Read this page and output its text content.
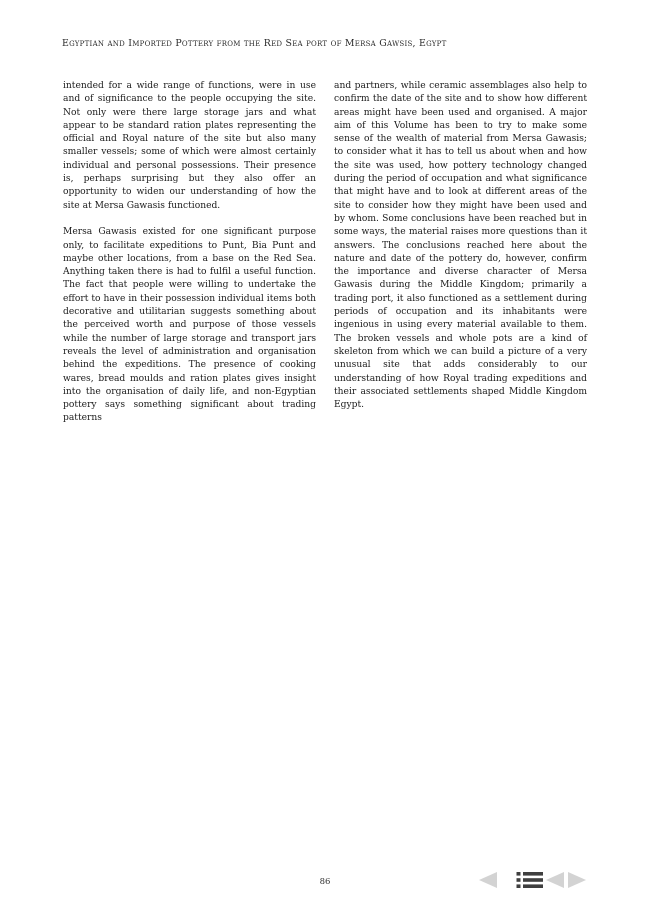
Egyptian and Imported Pottery from the Red Sea port of Mersa Gawsis, Egypt

intended for a wide range of functions, were in use and of significance to the people occupying the site. Not only were there large storage jars and what appear to be standard ration plates representing the official and Royal nature of the site but also many smaller vessels; some of which were almost certainly individual and personal possessions. Their presence is, perhaps surprising but they also offer an opportunity to widen our understanding of how the site at Mersa Gawasis functioned.

Mersa Gawasis existed for one significant purpose only, to facilitate expeditions to Punt, Bia Punt and maybe other locations, from a base on the Red Sea. Anything taken there is had to fulfil a useful function. The fact that people were willing to undertake the effort to have in their possession individual items both decorative and utilitarian suggests something about the perceived worth and purpose of those vessels while the number of large storage and transport jars reveals the level of administration and organisation behind the expeditions. The presence of cooking wares, bread moulds and ration plates gives insight into the organisation of daily life, and non-Egyptian pottery says something significant about trading patterns

and partners, while ceramic assemblages also help to confirm the date of the site and to show how different areas might have been used and organised. A major aim of this Volume has been to try to make some sense of the wealth of material from Mersa Gawasis; to consider what it has to tell us about when and how the site was used, how pottery technology changed during the period of occupation and what significance that might have and to look at different areas of the site to consider how they might have been used and by whom. Some conclusions have been reached but in some ways, the material raises more questions than it answers. The conclusions reached here about the nature and date of the pottery do, however, confirm the importance and diverse character of Mersa Gawasis during the Middle Kingdom; primarily a trading port, it also functioned as a settlement during periods of occupation and its inhabitants were ingenious in using every material available to them. The broken vessels and whole pots are a kind of skeleton from which we can build a picture of a very unusual site that adds considerably to our understanding of how Royal trading expeditions and their associated settlements shaped Middle Kingdom Egypt.

86
